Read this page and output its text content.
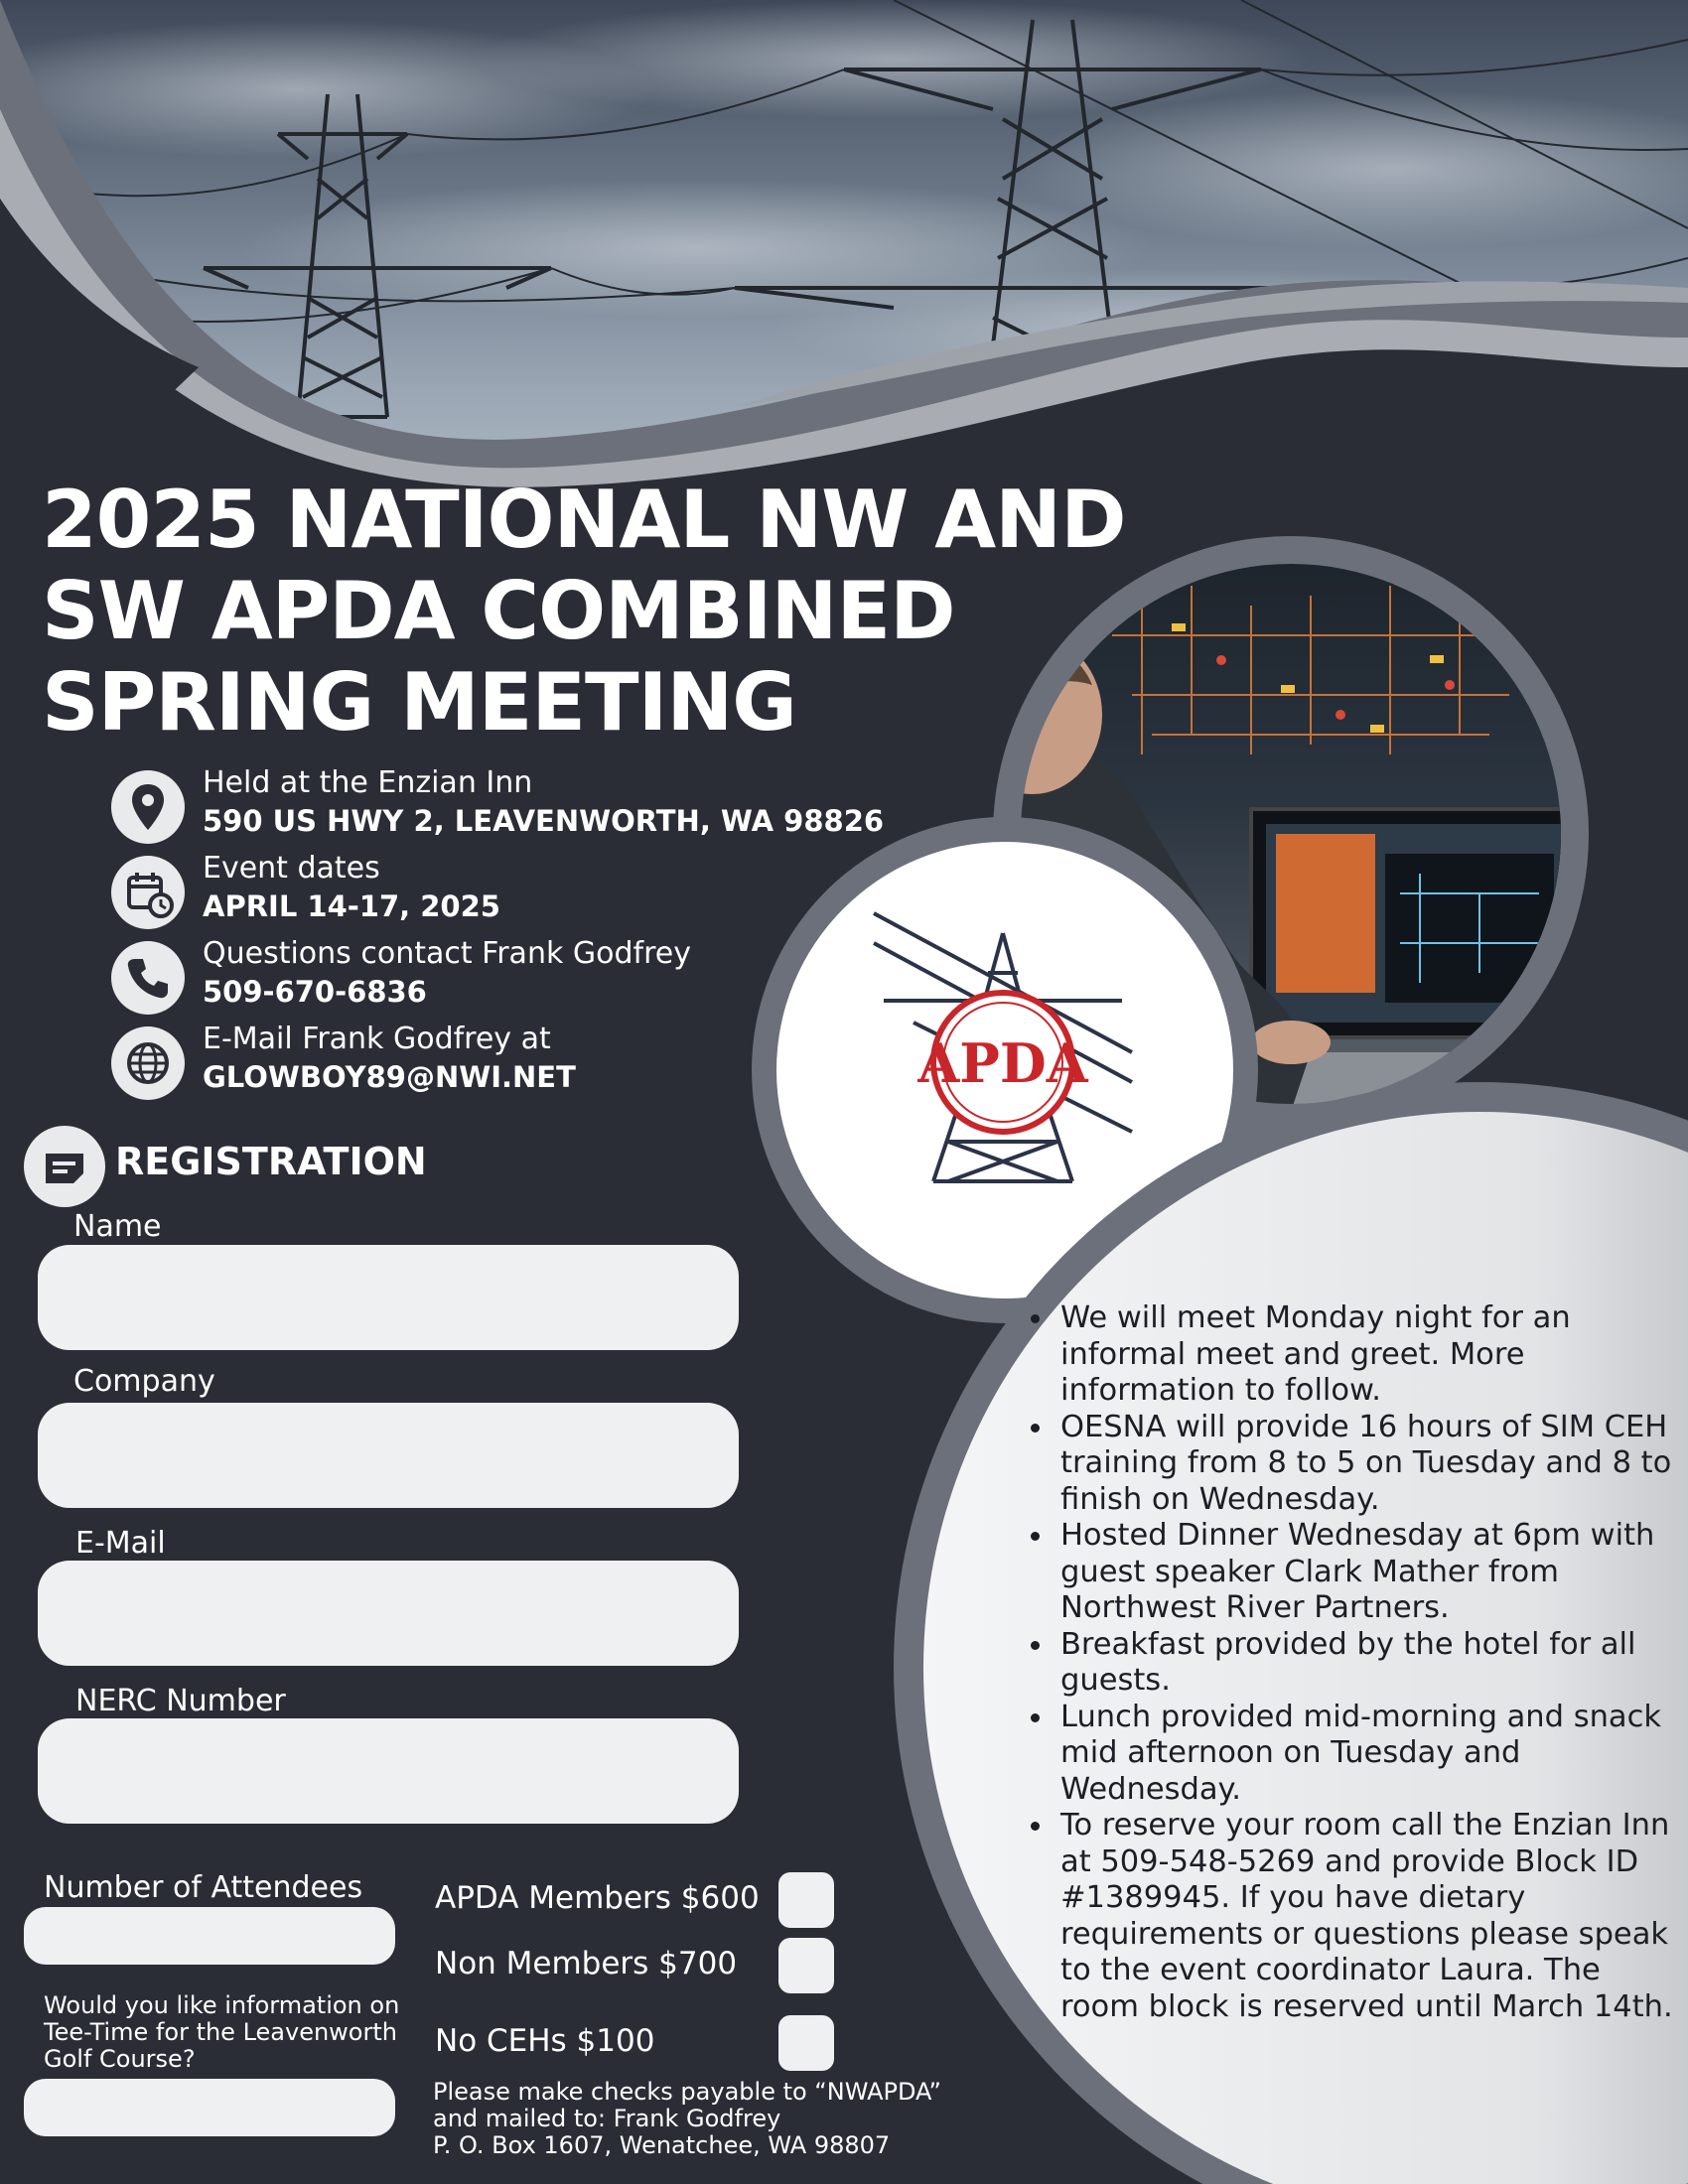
APDA
2025 NATIONAL NW AND
SW APDA COMBINED
SPRING MEETING
Held at the Enzian Inn
590 US HWY 2, LEAVENWORTH, WA 98826
Event dates
APRIL 14-17, 2025
Questions contact Frank Godfrey
509-670-6836
E-Mail Frank Godfrey at
GLOWBOY89@NWI.NET
REGISTRATION
Name
Company
E-Mail
NERC Number
Number of Attendees
Would you like information on Tee-Time for the Leavenworth Golf Course?
APDA Members $600
Non Members $700
No CEHs $100
Please make checks payable to “NWAPDA”
and mailed to: Frank Godfrey
P. O. Box 1607, Wenatchee, WA 98807
We will meet Monday night for an informal meet and greet. More information to follow.
OESNA will provide 16 hours of SIM CEH training from 8 to 5 on Tuesday and 8 to finish on Wednesday.
Hosted Dinner Wednesday at 6pm with guest speaker Clark Mather from Northwest River Partners.
Breakfast provided by the hotel for all guests.
Lunch provided mid-morning and snack mid afternoon on Tuesday and Wednesday.
To reserve your room call the Enzian Inn at 509-548-5269 and provide Block ID #1389945. If you have dietary requirements or questions please speak to the event coordinator Laura. The room block is reserved until March 14th.
